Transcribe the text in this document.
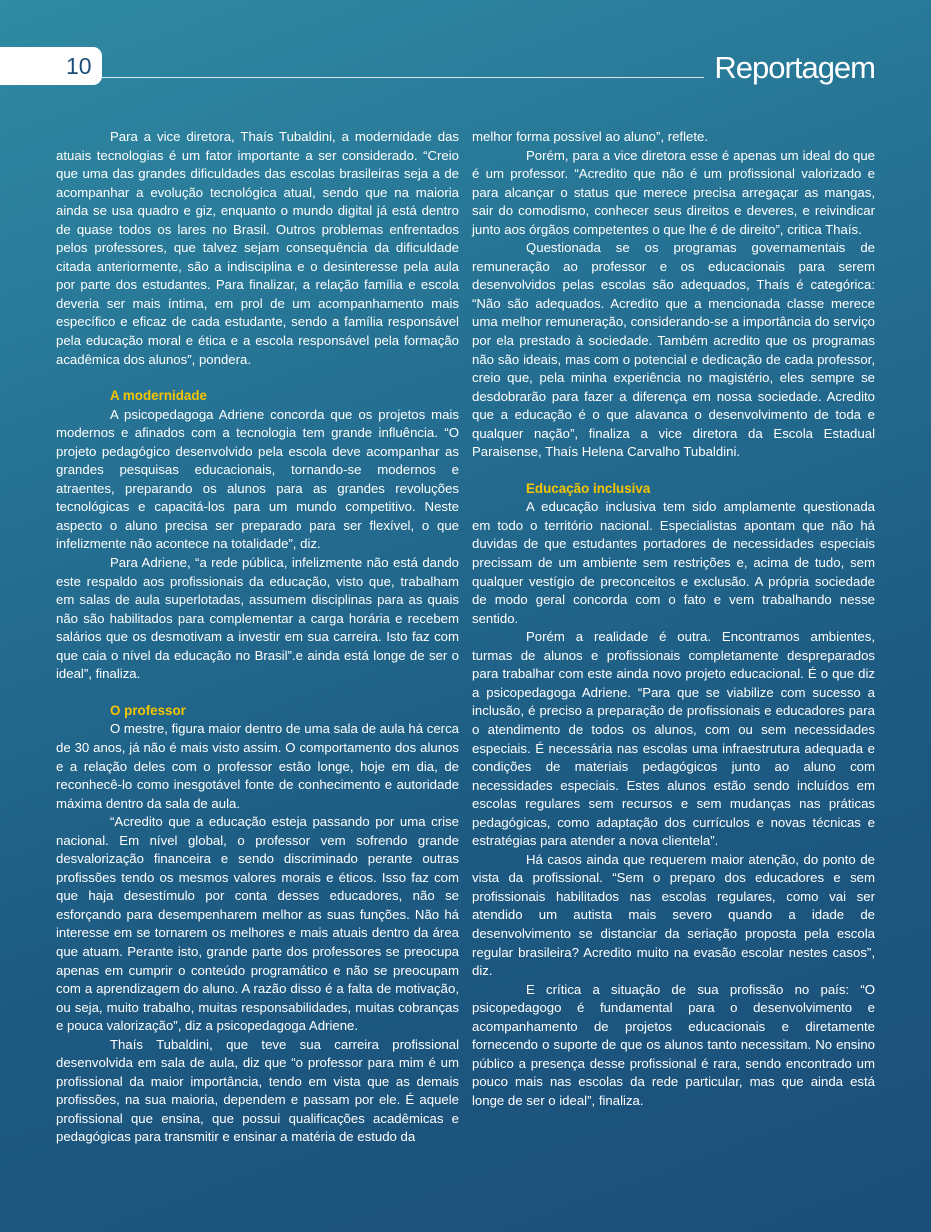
10	Reportagem

Para a vice diretora, Thaís Tubaldini, a modernidade das atuais tecnologias é um fator importante a ser considerado. “Creio que uma das grandes dificuldades das escolas brasileiras seja a de acompanhar a evolução tecnológica atual, sendo que na maioria ainda se usa quadro e giz, enquanto o mundo digital já está dentro de quase todos os lares no Brasil. Outros problemas enfrentados pelos professores, que talvez sejam consequência da dificuldade citada anteriormente, são a indisciplina e o desinteresse pela aula por parte dos estudantes. Para finalizar, a relação família e escola deveria ser mais íntima, em prol de um acompanhamento mais específico e eficaz de cada estudante, sendo a família responsável pela educação moral e ética e a escola responsável pela formação acadêmica dos alunos”, pondera.

A modernidade

A psicopedagoga Adriene concorda que os projetos mais modernos e afinados com a tecnologia tem grande influência. “O projeto pedagógico desenvolvido pela escola deve acompanhar as grandes pesquisas educacionais, tornando-se modernos e atraentes, preparando os alunos para as grandes revoluções tecnológicas e capacitá-los para um mundo competitivo. Neste aspecto o aluno precisa ser preparado para ser flexível, o que infelizmente não acontece na totalidade”, diz.

Para Adriene, “a rede pública, infelizmente não está dando este respaldo aos profissionais da educação, visto que, trabalham em salas de aula superlotadas, assumem disciplinas para as quais não são habilitados para complementar a carga horária e recebem salários que os desmotivam a investir em sua carreira. Isto faz com que caia o nível da educação no Brasil”.e ainda está longe de ser o ideal”, finaliza.

O professor

O mestre, figura maior dentro de uma sala de aula há cerca de 30 anos, já não é mais visto assim. O comportamento dos alunos e a relação deles com o professor estão longe, hoje em dia, de reconhecê-lo como inesgotável fonte de conhecimento e autoridade máxima dentro da sala de aula.

“Acredito que a educação esteja passando por uma crise nacional. Em nível global, o professor vem sofrendo grande desvalorização financeira e sendo discriminado perante outras profissões tendo os mesmos valores morais e éticos. Isso faz com que haja desestímulo por conta desses educadores, não se esforçando para desempenharem melhor as suas funções. Não há interesse em se tornarem os melhores e mais atuais dentro da área que atuam. Perante isto, grande parte dos professores se preocupa apenas em cumprir o conteúdo programático e não se preocupam com a aprendizagem do aluno. A razão disso é a falta de motivação, ou seja, muito trabalho, muitas responsabilidades, muitas cobranças e pouca valorização”, diz a psicopedagoga Adriene.

Thaís Tubaldini, que teve sua carreira profissional desenvolvida em sala de aula, diz que “o professor para mim é um profissional da maior importância, tendo em vista que as demais profissões, na sua maioria, dependem e passam por ele. É aquele profissional que ensina, que possui qualificações acadêmicas e pedagógicas para transmitir e ensinar a matéria de estudo da

melhor forma possível ao aluno”, reflete.

Porém, para a vice diretora esse é apenas um ideal do que é um professor. “Acredito que não é um profissional valorizado e para alcançar o status que merece precisa arregaçar as mangas, sair do comodismo, conhecer seus direitos e deveres, e reivindicar junto aos órgãos competentes o que lhe é de direito”, critica Thaís.

Questionada se os programas governamentais de remuneração ao professor e os educacionais para serem desenvolvidos pelas escolas são adequados, Thaís é categórica: “Não são adequados. Acredito que a mencionada classe merece uma melhor remuneração, considerando-se a importância do serviço por ela prestado à sociedade. Também acredito que os programas não são ideais, mas com o potencial e dedicação de cada professor, creio que, pela minha experiência no magistério, eles sempre se desdobrarão para fazer a diferença em nossa sociedade. Acredito que a educação é o que alavanca o desenvolvimento de toda e qualquer nação”, finaliza a vice diretora da Escola Estadual Paraisense, Thaís Helena Carvalho Tubaldini.

Educação inclusiva

A educação inclusiva tem sido amplamente questionada em todo o território nacional. Especialistas apontam que não há duvidas de que estudantes portadores de necessidades especiais precissam de um ambiente sem restrições e, acima de tudo, sem qualquer vestígio de preconceitos e exclusão. A própria sociedade de modo geral concorda com o fato e vem trabalhando nesse sentido.

Porém a realidade é outra. Encontramos ambientes, turmas de alunos e profissionais completamente despreparados para trabalhar com este ainda novo projeto educacional. É o que diz a psicopedagoga Adriene. “Para que se viabilize com sucesso a inclusão, é preciso a preparação de profissionais e educadores para o atendimento de todos os alunos, com ou sem necessidades especiais. É necessária nas escolas uma infraestrutura adequada e condições de materiais pedagógicos junto ao aluno com necessidades especiais. Estes alunos estão sendo incluídos em escolas regulares sem recursos e sem mudanças nas práticas pedagógicas, como adaptação dos currículos e novas técnicas e estratégias para atender a nova clientela”.

Há casos ainda que requerem maior atenção, do ponto de vista da profissional. “Sem o preparo dos educadores e sem profissionais habilitados nas escolas regulares, como vai ser atendido um autista mais severo quando a idade de desenvolvimento se distanciar da seriação proposta pela escola regular brasileira? Acredito muito na evasão escolar nestes casos”, diz.

E crítica a situação de sua profissão no país: “O psicopedagogo é fundamental para o desenvolvimento e acompanhamento de projetos educacionais e diretamente fornecendo o suporte de que os alunos tanto necessitam. No ensino público a presença desse profissional é rara, sendo encontrado um pouco mais nas escolas da rede particular, mas que ainda está longe de ser o ideal”, finaliza.
